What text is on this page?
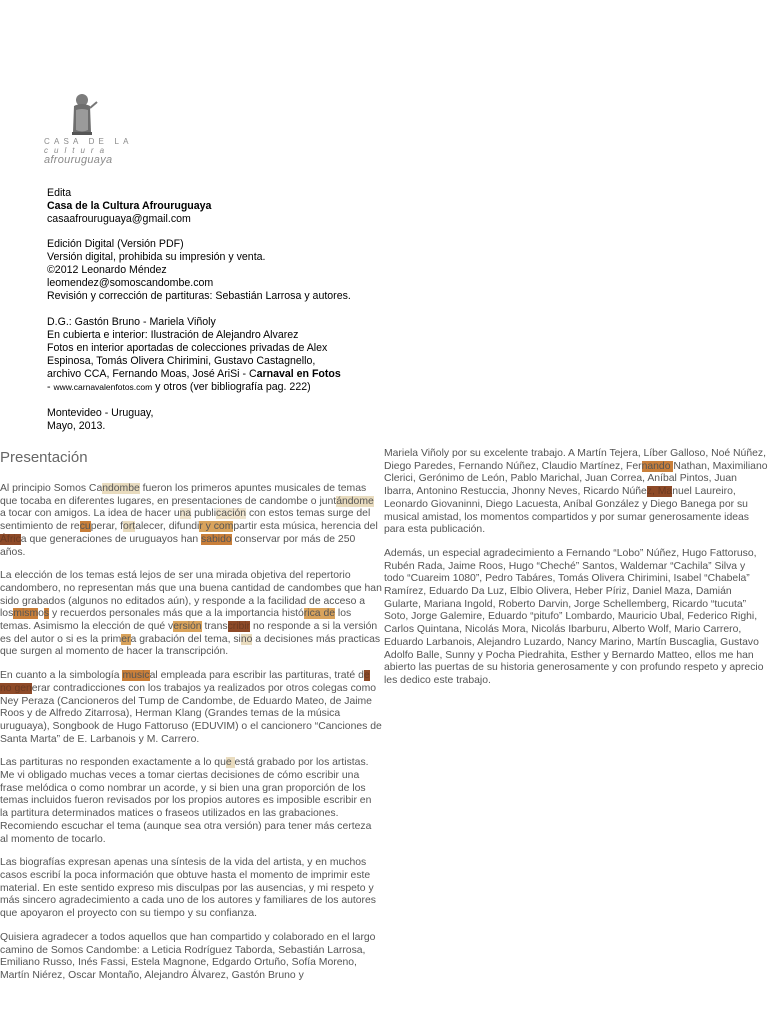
CASA DE LA
cultura
afrouruguaya
Edita
Casa de la Cultura Afrouruguaya
casaafrouruguaya@gmail.com
Edición Digital (Versión PDF)
Versión digital, prohibida su impresión y venta.
©2012 Leonardo Méndez
leomendez@somoscandombe.com
Revisión y corrección de partituras: Sebastián Larrosa y autores.
D.G.: Gastón Bruno - Mariela Viñoly
En cubierta e interior: Ilustración de Alejandro Alvarez
Fotos en interior aportadas de colecciones privadas de Alex Espinosa, Tomás Olivera Chirimini, Gustavo Castagnello, archivo CCA, Fernando Moas, José AriSi - Carnaval en Fotos - www.carnavalenfotos.com y otros (ver bibliografía pag. 222)
Montevideo - Uruguay,
Mayo, 2013.

Presentación

Al principio Somos Candombe fueron los primeros apuntes musicales de temas que tocaba en diferentes lugares, en presentaciones de candombe o juntándome a tocar con amigos. La idea de hacer una publicación con estos temas surge del sentimiento de recuperar, fortalecer, difundir y compartir esta música, herencia del África que generaciones de uruguayos han sabido conservar por más de 250 años.

La elección de los temas está lejos de ser una mirada objetiva del repertorio candombero, no representan más que una buena cantidad de candombes que han sido grabados (algunos no editados aún), y responde a la facilidad de acceso a losmismos y recuerdos personales más que a la importancia histórica de los temas. Asimismo la elección de qué versión transcribir no responde a si la versión es del autor o si es la primera grabación del tema, sino a decisiones más practicas que surgen al momento de hacer la transcripción.

En cuanto a la simbología musical empleada para escribir las partituras, traté de no generar contradicciones con los trabajos ya realizados por otros colegas como Ney Peraza (Cancioneros del Tump de Candombe, de Eduardo Mateo, de Jaime Roos y de Alfredo Zitarrosa), Herman Klang (Grandes temas de la música uruguaya), Songbook de Hugo Fattoruso (EDUVIM) o el cancionero “Canciones de Santa Marta” de E. Larbanois y M. Carrero.

Las partituras no responden exactamente a lo que está grabado por los artistas. Me vi obligado muchas veces a tomar ciertas decisiones de cómo escribir una frase melódica o como nombrar un acorde, y si bien una gran proporción de los temas incluidos fueron revisados por los propios autores es imposible escribir en la partitura determinados matices o fraseos utilizados en las grabaciones. Recomiendo escuchar el tema (aunque sea otra versión) para tener más certeza al momento de tocarlo.

Las biografías expresan apenas una síntesis de la vida del artista, y en muchos casos escribí la poca información que obtuve hasta el momento de imprimir este material. En este sentido expreso mis disculpas por las ausencias, y mi respeto y más sincero agradecimiento a cada uno de los autores y familiares de los autores que apoyaron el proyecto con su tiempo y su confianza.

Quisiera agradecer a todos aquellos que han compartido y colaborado en el largo camino de Somos Candombe: a Leticia Rodríguez Taborda, Sebastián Larrosa, Emiliano Russo, Inés Fassi, Estela Magnone, Edgardo Ortuño, Sofía Moreno, Martín Niérez, Oscar Montaño, Alejandro Álvarez, Gastón Bruno y

Mariela Viñoly por su excelente trabajo. A Martín Tejera, Líber Galloso, Noé Núñez, Diego Paredes, Fernando Núñez, Claudio Martínez, Fernando Nathan, Maximiliano Clerici, Gerónimo de León, Pablo Marichal, Juan Correa, Aníbal Pintos, Juan Ibarra, Antonino Restuccia, Jhonny Neves, Ricardo Núñez, Manuel Laureiro, Leonardo Giovaninni, Diego Lacuesta, Aníbal González y Diego Banega por su musical amistad, los momentos compartidos y por sumar generosamente ideas para esta publicación.

Además, un especial agradecimiento a Fernando “Lobo” Núñez, Hugo Fattoruso, Rubén Rada, Jaime Roos, Hugo “Cheché” Santos, Waldemar “Cachila” Silva y todo “Cuareim 1080”, Pedro Tabáres, Tomás Olivera Chirimini, Isabel “Chabela” Ramírez, Eduardo Da Luz, Elbio Olivera, Heber Píriz, Daniel Maza, Damián Gularte, Mariana Ingold, Roberto Darvin, Jorge Schellemberg, Ricardo “tucuta” Soto, Jorge Galemire, Eduardo “pitufo” Lombardo, Mauricio Ubal, Federico Righi, Carlos Quintana, Nicolás Mora, Nicolás Ibarburu, Alberto Wolf, Mario Carrero, Eduardo Larbanois, Alejandro Luzardo, Nancy Marino, Martín Buscaglia, Gustavo Adolfo Balle, Sunny y Pocha Piedrahita, Esther y Bernardo Matteo, ellos me han abierto las puertas de su historia generosamente y con profundo respeto y aprecio les dedico este trabajo.
